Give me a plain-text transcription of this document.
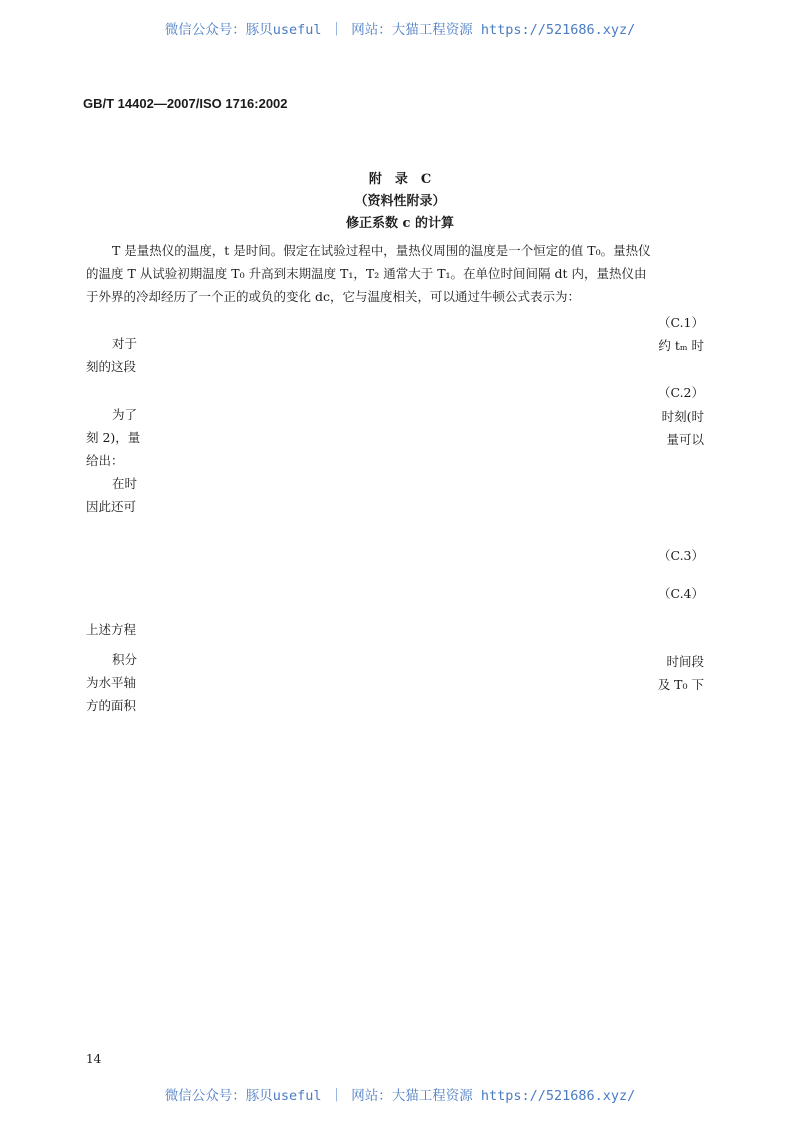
微信公众号：豚贝useful ｜ 网站：大猫工程资源 https://521686.xyz/
GB/T 14402—2007/ISO 1716:2002
附　录　C
（资料性附录）
修正系数 c 的计算
T 是量热仪的温度，t 是时间。假定在试验过程中，量热仪周围的温度是一个恒定的值 T₀。量热仪
的温度 T 从试验初期温度 T₀ 升高到末期温度 T₁，T₂ 通常大于 T₁。在单位时间间隔 dt 内，量热仪由
于外界的冷却经历了一个正的或负的变化 dc，它与温度相关，可以通过牛顿公式表示为：
（C.1）
对于	约 tₘ 时
刻的这段
（C.2）
为了	时刻(时
刻 2)，量	量可以
给出：
在时
因此还可
（C.3）
（C.4）
上述方程
积分	时间段
为水平轴	及 T₀ 下
方的面积
14
微信公众号：豚贝useful ｜ 网站：大猫工程资源 https://521686.xyz/
